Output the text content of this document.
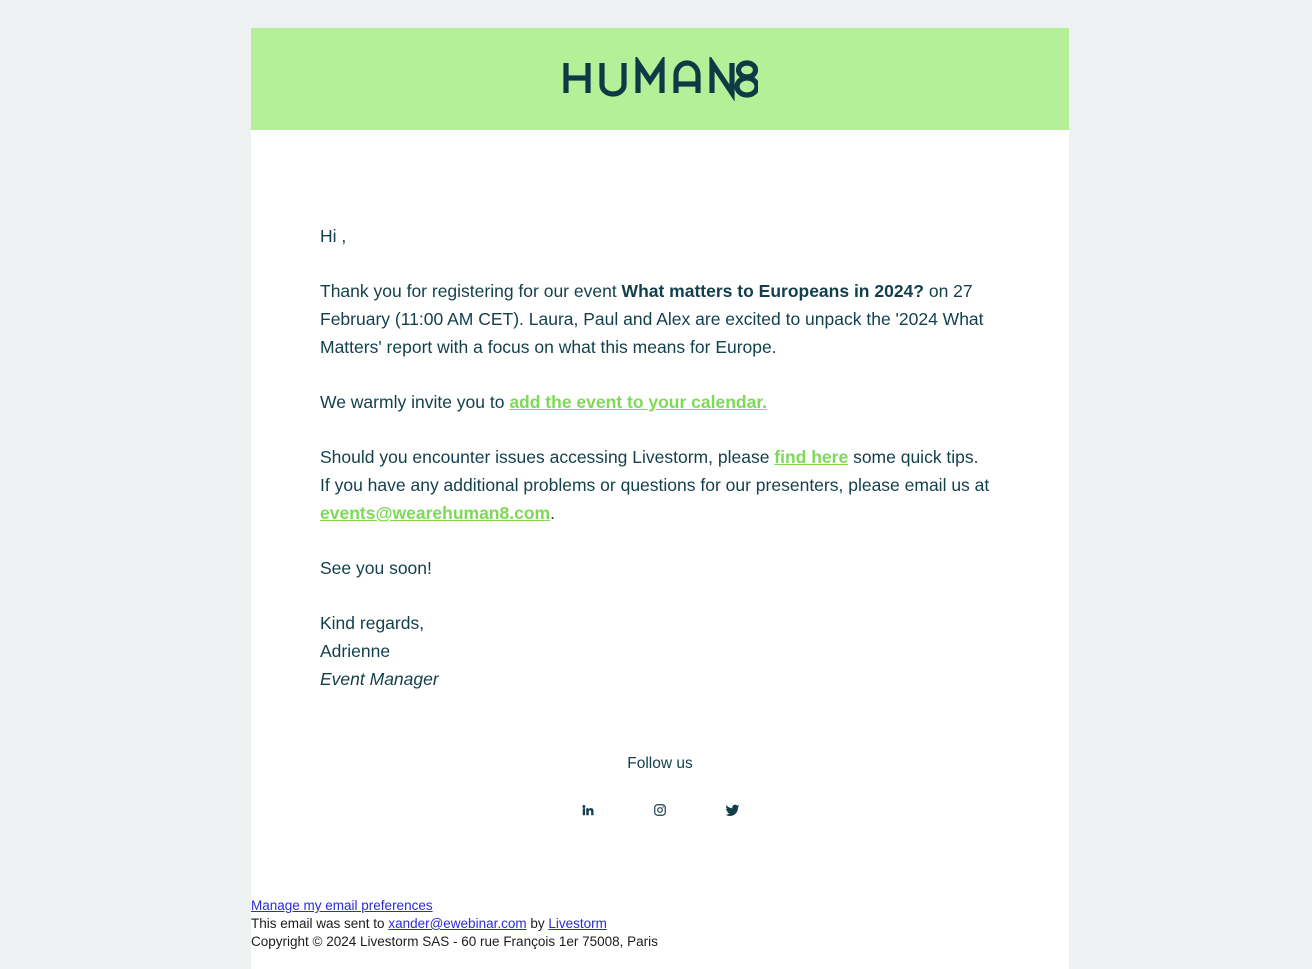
Hi ,

Thank you for registering for our event What matters to Europeans in 2024? on 27 February (11:00 AM CET). Laura, Paul and Alex are excited to unpack the '2024 What Matters' report with a focus on what this means for Europe.

We warmly invite you to add the event to your calendar.

Should you encounter issues accessing Livestorm, please find here some quick tips. If you have any additional problems or questions for our presenters, please email us at events@wearehuman8.com.

See you soon!

Kind regards,

Adrienne

Event Manager

Follow us
Manage my email preferences
This email was sent to xander@ewebinar.com by Livestorm
Copyright © 2024 Livestorm SAS - 60 rue François 1er 75008, Paris
